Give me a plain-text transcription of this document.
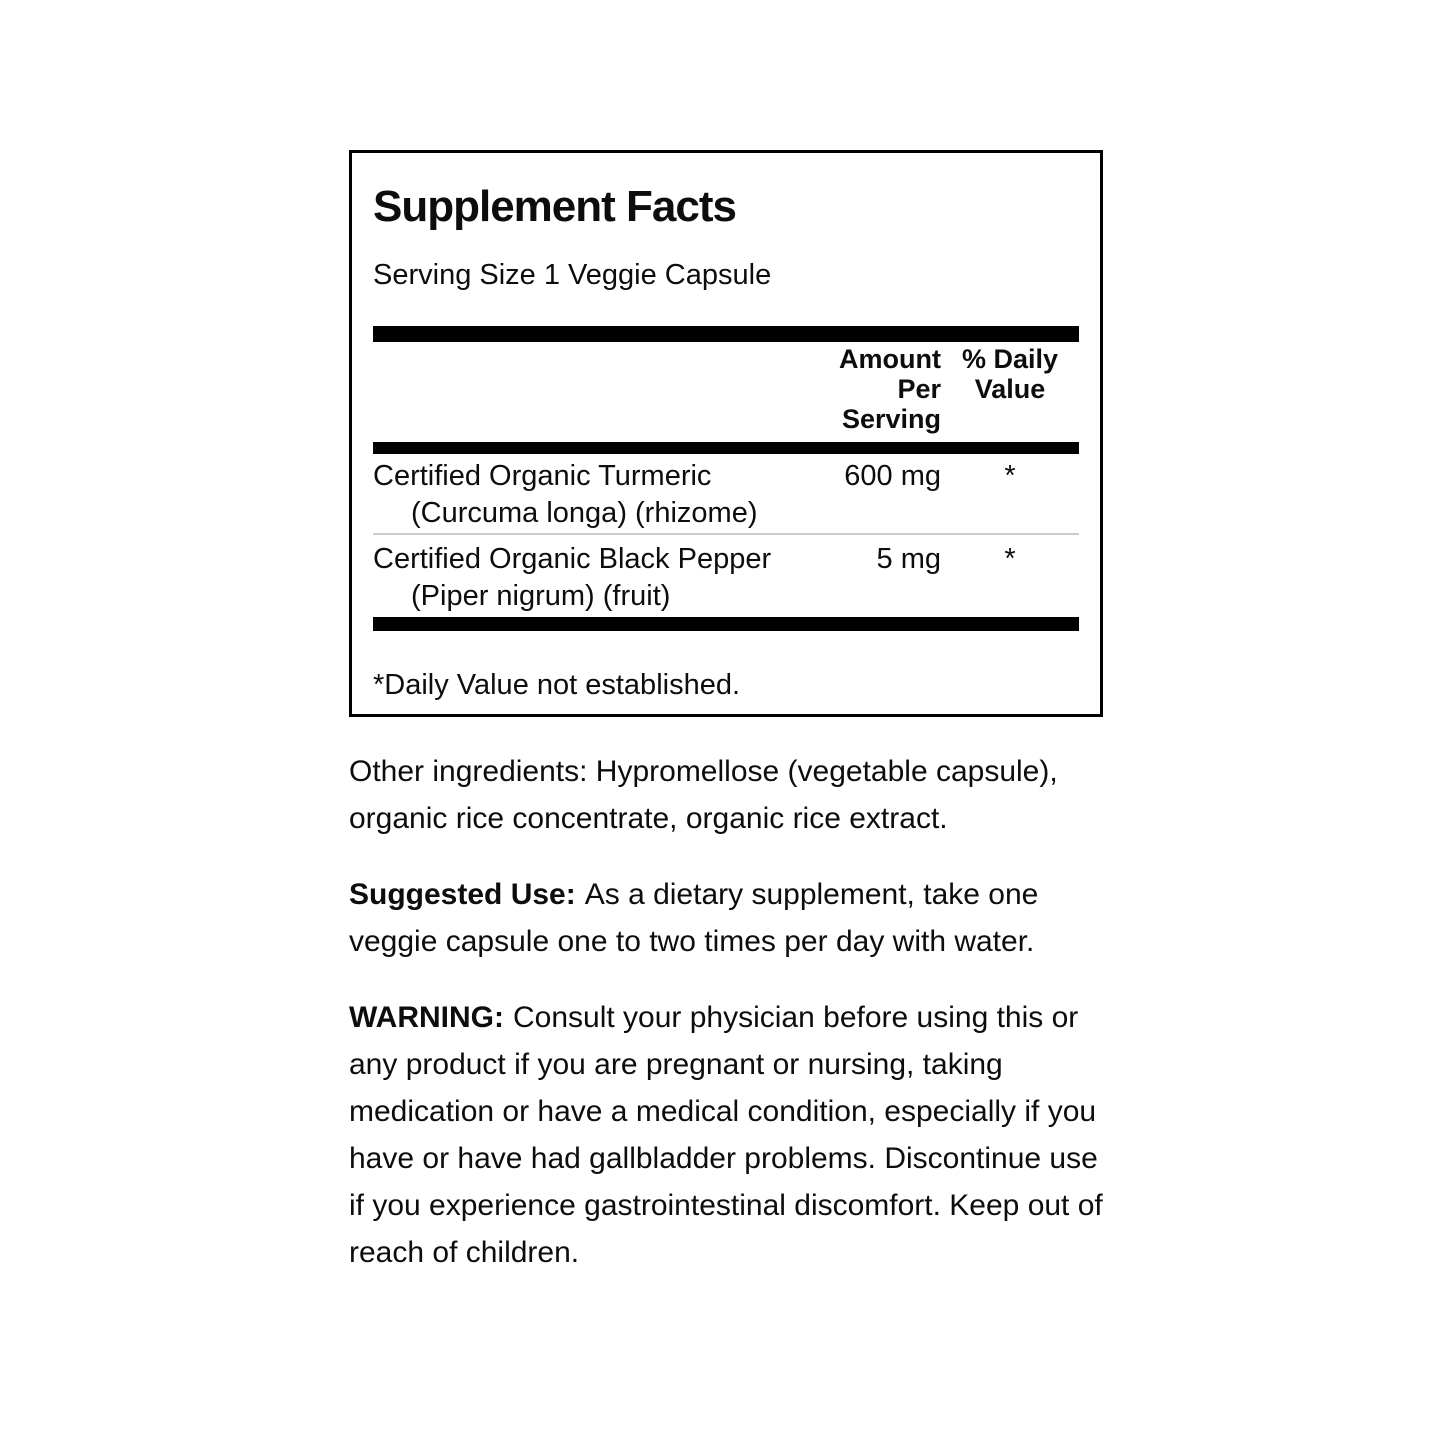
Supplement Facts
Serving Size 1 Veggie Capsule
Amount
Per Serving
% Daily
Value
Certified Organic Turmeric
(Curcuma longa) (rhizome)
600 mg	*
Certified Organic Black Pepper
(Piper nigrum) (fruit)
5 mg	*
*Daily Value not established.

Other ingredients: Hypromellose (vegetable capsule),
organic rice concentrate, organic rice extract.

Suggested Use: As a dietary supplement, take one
veggie capsule one to two times per day with water.

WARNING: Consult your physician before using this or
any product if you are pregnant or nursing, taking
medication or have a medical condition, especially if you
have or have had gallbladder problems. Discontinue use
if you experience gastrointestinal discomfort. Keep out of
reach of children.
